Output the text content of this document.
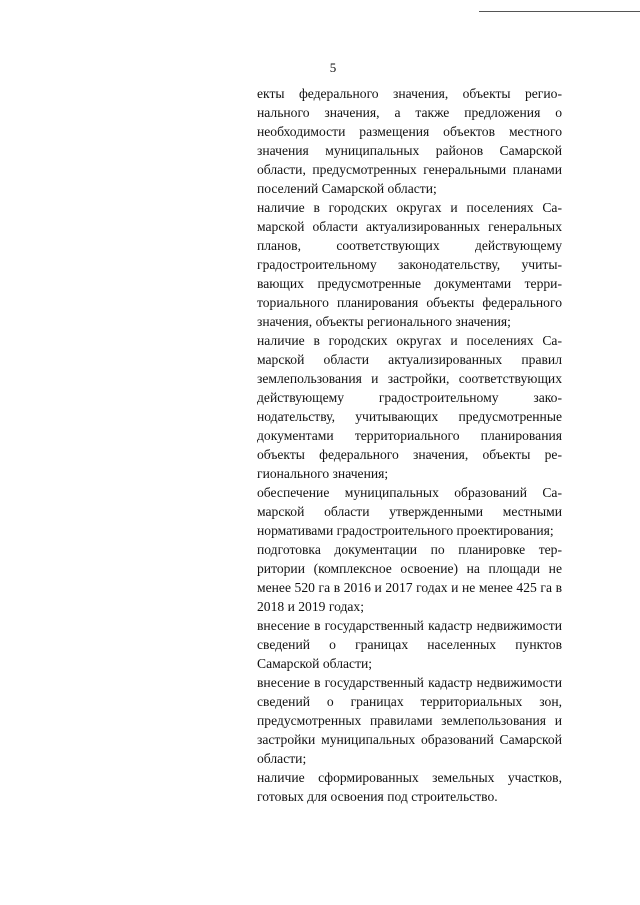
5

екты федерального значения, объекты регионального значения, а также предложения о необходимости размещения объектов местного значения муниципальных районов Самарской области, предусмотренных генеральными планами поселений Самарской области;

наличие в городских округах и поселениях Самарской области актуализированных генеральных планов, соответствующих действующему градостроительному законодательству, учитывающих предусмотренные документами территориального планирования объекты федерального значения, объекты регионального значения;

наличие в городских округах и поселениях Самарской области актуализированных правил землепользования и застройки, соответствующих действующему градостроительному законодательству, учитывающих предусмотренные документами территориального планирования объекты федерального значения, объекты регионального значения;

обеспечение муниципальных образований Самарской области утвержденными местными нормативами градостроительного проектирования;

подготовка документации по планировке территории (комплексное освоение) на площади не менее 520 га в 2016 и 2017 годах и не менее 425 га в 2018 и 2019 годах;

внесение в государственный кадастр недвижимости сведений о границах населенных пунктов Самарской области;

внесение в государственный кадастр недвижимости сведений о границах территориальных зон, предусмотренных правилами землепользования и застройки муниципальных образований Самарской области;

наличие сформированных земельных участков, готовых для освоения под строительство.
